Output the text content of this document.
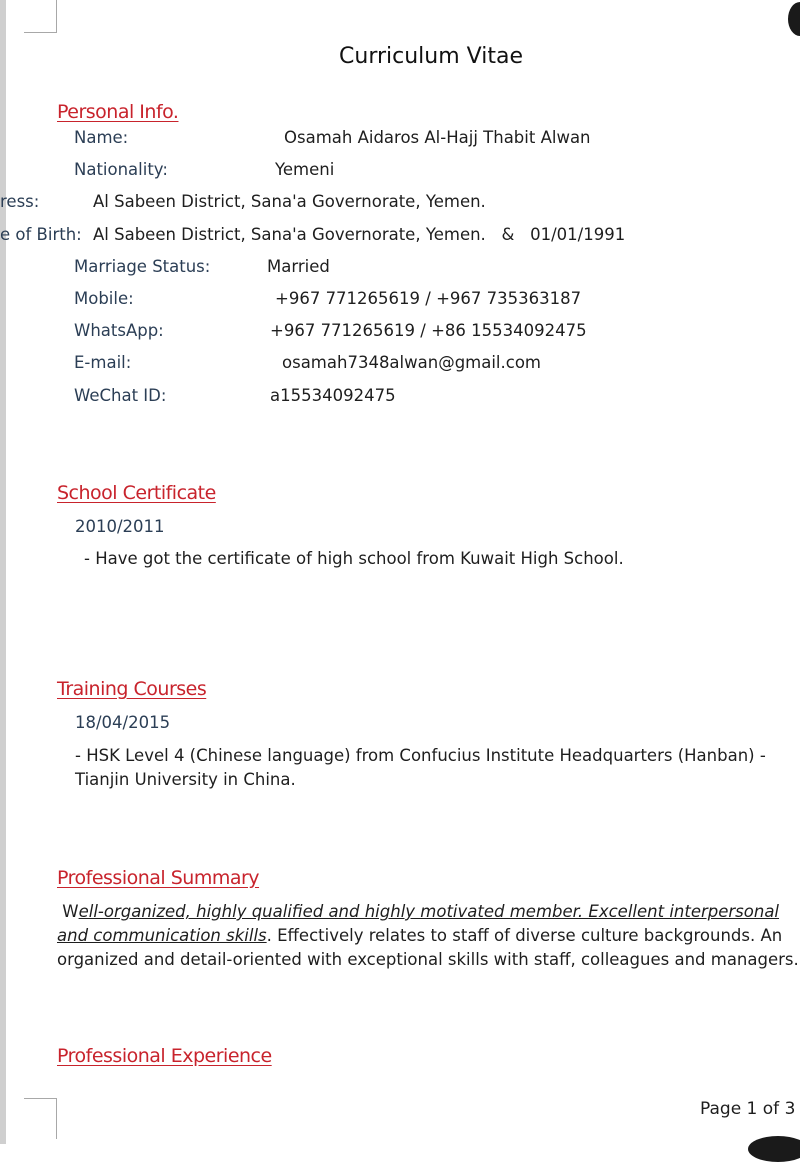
Curriculum Vitae
Personal Info.
Name:	Osamah Aidaros Al-Hajj Thabit Alwan
Nationality:	Yemeni
ress:	Al Sabeen District, Sana'a Governorate, Yemen.
e of Birth: Al Sabeen District, Sana'a Governorate, Yemen.   &   01/01/1991
Marriage Status:	Married
Mobile:	+967 771265619 / +967 735363187
WhatsApp:	+967 771265619 / +86 15534092475
E-mail:	osamah7348alwan@gmail.com
WeChat ID:	a15534092475
School Certificate
2010/2011
- Have got the certificate of high school from Kuwait High School.
Training Courses
18/04/2015
- HSK Level 4 (Chinese language) from Confucius Institute Headquarters (Hanban) -
Tianjin University in China.
Professional Summary
Well-organized, highly qualified and highly motivated member. Excellent interpersonal
and communication skills. Effectively relates to staff of diverse culture backgrounds. An
organized and detail-oriented with exceptional skills with staff, colleagues and managers.
Professional Experience
Page 1 of 3
